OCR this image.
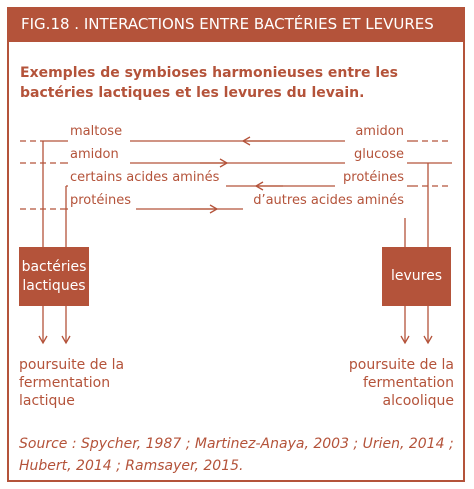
FIG.18 . INTERACTIONS ENTRE BACTÉRIES ET LEVURES
Exemples de symbioses harmonieuses entre les bactéries lactiques et les levures du levain.
maltose	amidon
amidon	glucose
certains acides aminés	protéines
protéines	d’autres acides aminés
bactéries
lactiques
levures
poursuite de la
fermentation
lactique
poursuite de la
fermentation
alcoolique
Source : Spycher, 1987 ; Martinez-Anaya, 2003 ; Urien, 2014 ;
Hubert, 2014 ; Ramsayer, 2015.
